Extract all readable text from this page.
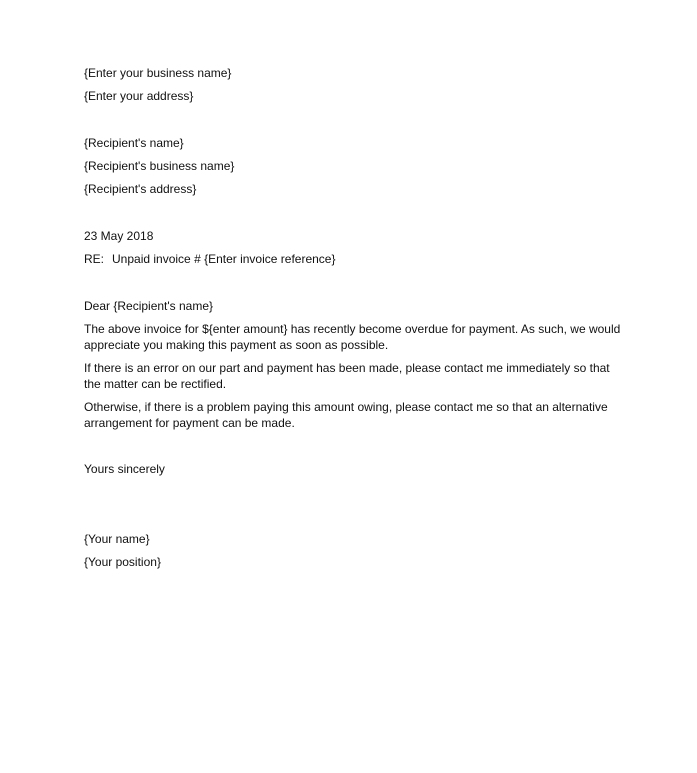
{Enter your business name}
{Enter your address}
{Recipient's name}
{Recipient's business name}
{Recipient's address}
23 May 2018
RE: Unpaid invoice # {Enter invoice reference}
Dear {Recipient's name}

The above invoice for ${enter amount} has recently become overdue for payment. As such, we would appreciate you making this payment as soon as possible.

If there is an error on our part and payment has been made, please contact me immediately so that the matter can be rectified.

Otherwise, if there is a problem paying this amount owing, please contact me so that an alternative arrangement for payment can be made.

Yours sincerely
{Your name}
{Your position}
